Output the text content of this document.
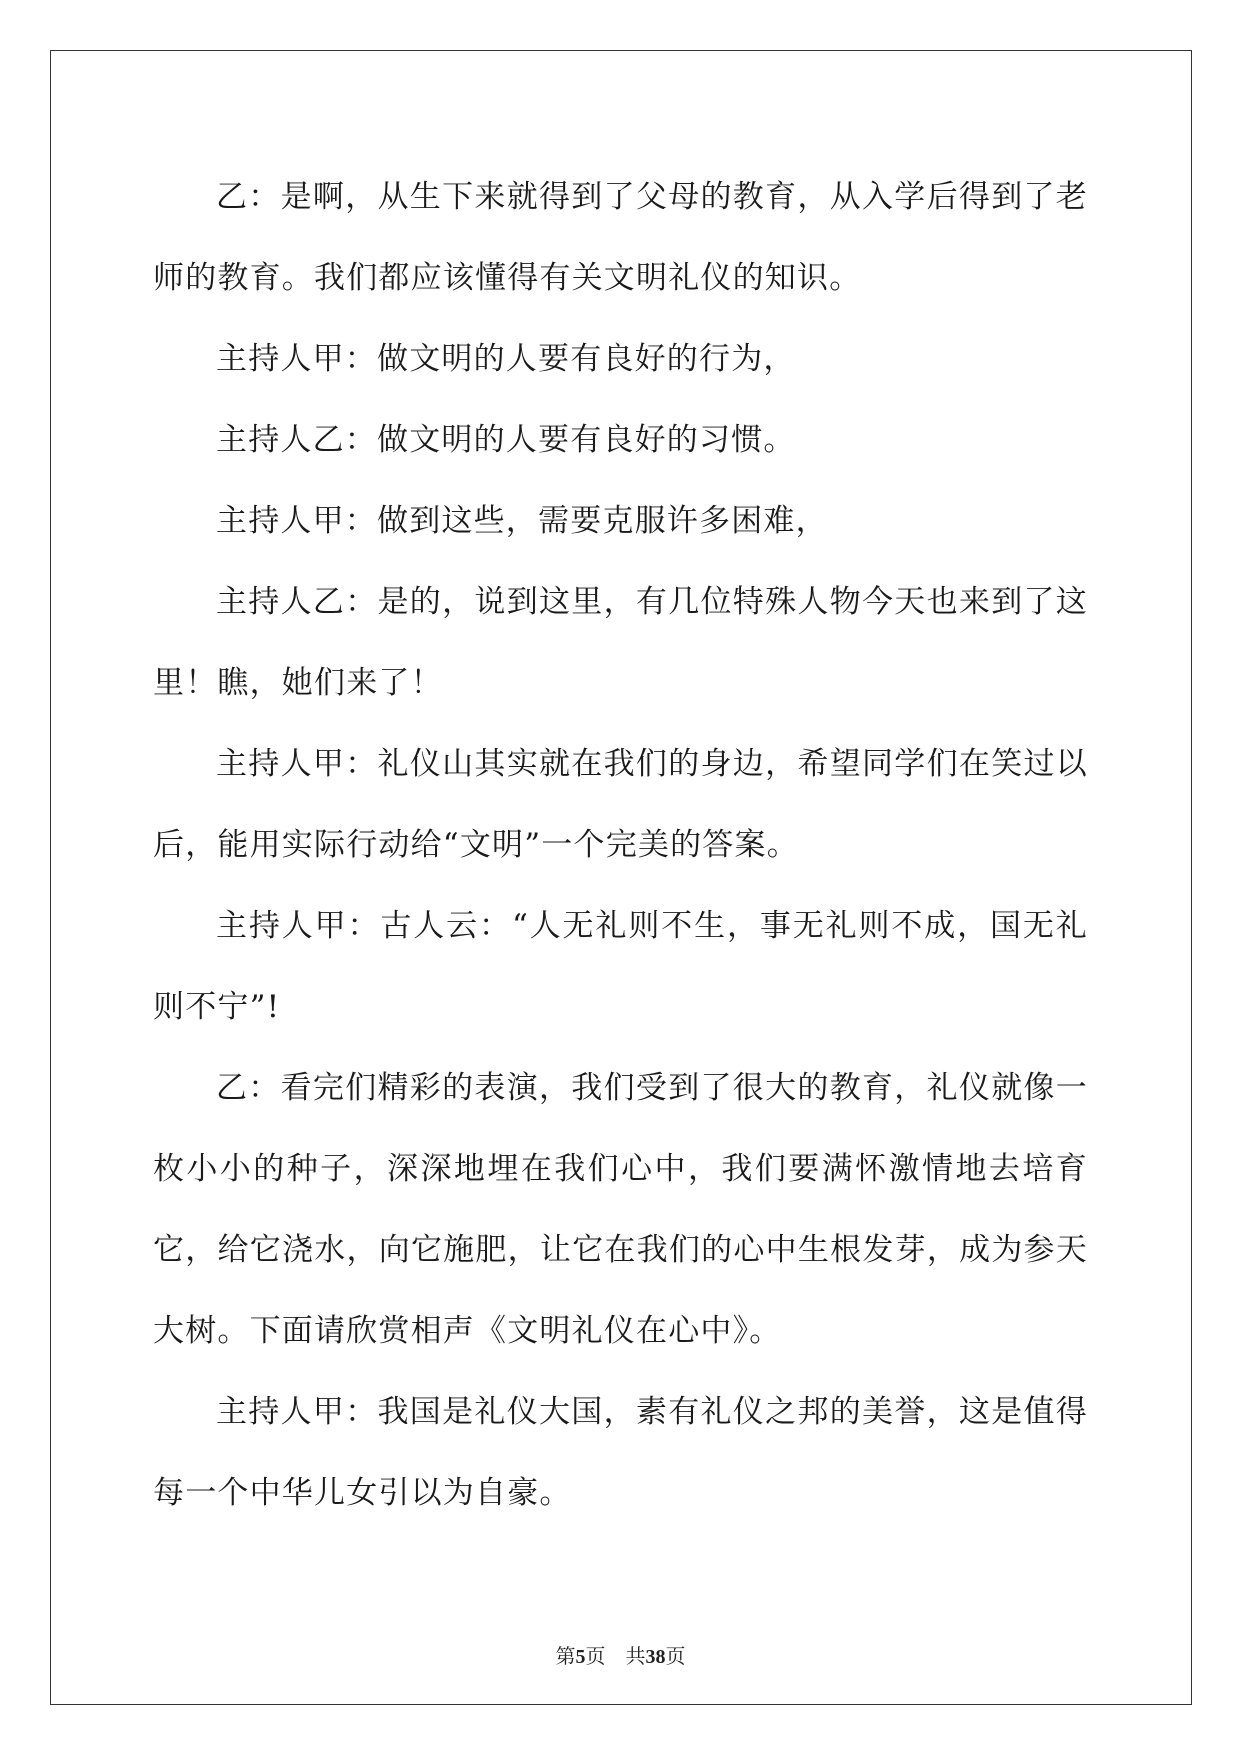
乙：是啊，从生下来就得到了父母的教育，从入学后得到了老师的教育。我们都应该懂得有关文明礼仪的知识。

主持人甲：做文明的人要有良好的行为，

主持人乙：做文明的人要有良好的习惯。

主持人甲：做到这些，需要克服许多困难，

主持人乙：是的，说到这里，有几位特殊人物今天也来到了这里！瞧，她们来了！

主持人甲：礼仪山其实就在我们的身边，希望同学们在笑过以后，能用实际行动给“文明”一个完美的答案。

主持人甲：古人云：“人无礼则不生，事无礼则不成，国无礼则不宁”!

乙：看完们精彩的表演，我们受到了很大的教育，礼仪就像一枚小小的种子，深深地埋在我们心中，我们要满怀激情地去培育它，给它浇水，向它施肥，让它在我们的心中生根发芽，成为参天大树。下面请欣赏相声《文明礼仪在心中》。

主持人甲：我国是礼仪大国，素有礼仪之邦的美誉，这是值得每一个中华儿女引以为自豪。

第5页 共38页
